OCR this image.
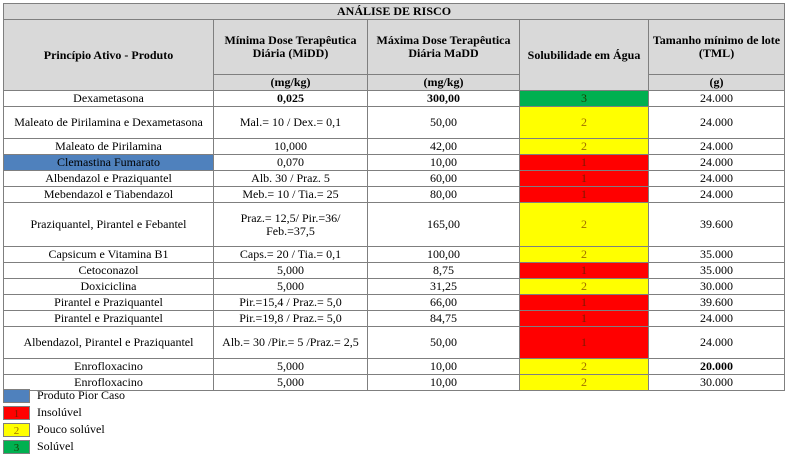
ANÁLISE DE RISCO				
Princípio Ativo - Produto	Mínima Dose Terapêutica Diária (MiDD)	Máxima Dose Terapêutica Diária MaDD	Solubilidade em Água	Tamanho mínimo de lote (TML)
	(mg/kg)	(mg/kg)		(g)
Dexametasona	0,025	300,00	3	24.000
Maleato de Pirilamina e Dexametasona	Mal.= 10 / Dex.= 0,1	50,00	2	24.000
Maleato de Pirilamina	10,000	42,00	2	24.000
Clemastina Fumarato	0,070	10,00	1	24.000
Albendazol e Praziquantel	Alb. 30 / Praz. 5	60,00	1	24.000
Mebendazol e Tiabendazol	Meb.= 10 / Tia.= 25	80,00	1	24.000
Praziquantel, Pirantel e Febantel	Praz.= 12,5/ Pir.=36/ Feb.=37,5	165,00	2	39.600
Capsicum e Vitamina B1	Caps.= 20 / Tia.= 0,1	100,00	2	35.000
Cetoconazol	5,000	8,75	1	35.000
Doxiciclina	5,000	31,25	2	30.000
Pirantel e Praziquantel	Pir.=15,4 / Praz.= 5,0	66,00	1	39.600
Pirantel e Praziquantel	Pir.=19,8 / Praz.= 5,0	84,75	1	24.000
Albendazol, Pirantel e Praziquantel	Alb.= 30 /Pir.= 5 /Praz.= 2,5	50,00	1	24.000
Enrofloxacino	5,000	10,00	2	20.000
Enrofloxacino	5,000	10,00	2	30.000
Produto Pior Caso
1	Insolúvel
2	Pouco solúvel
3	Solúvel
